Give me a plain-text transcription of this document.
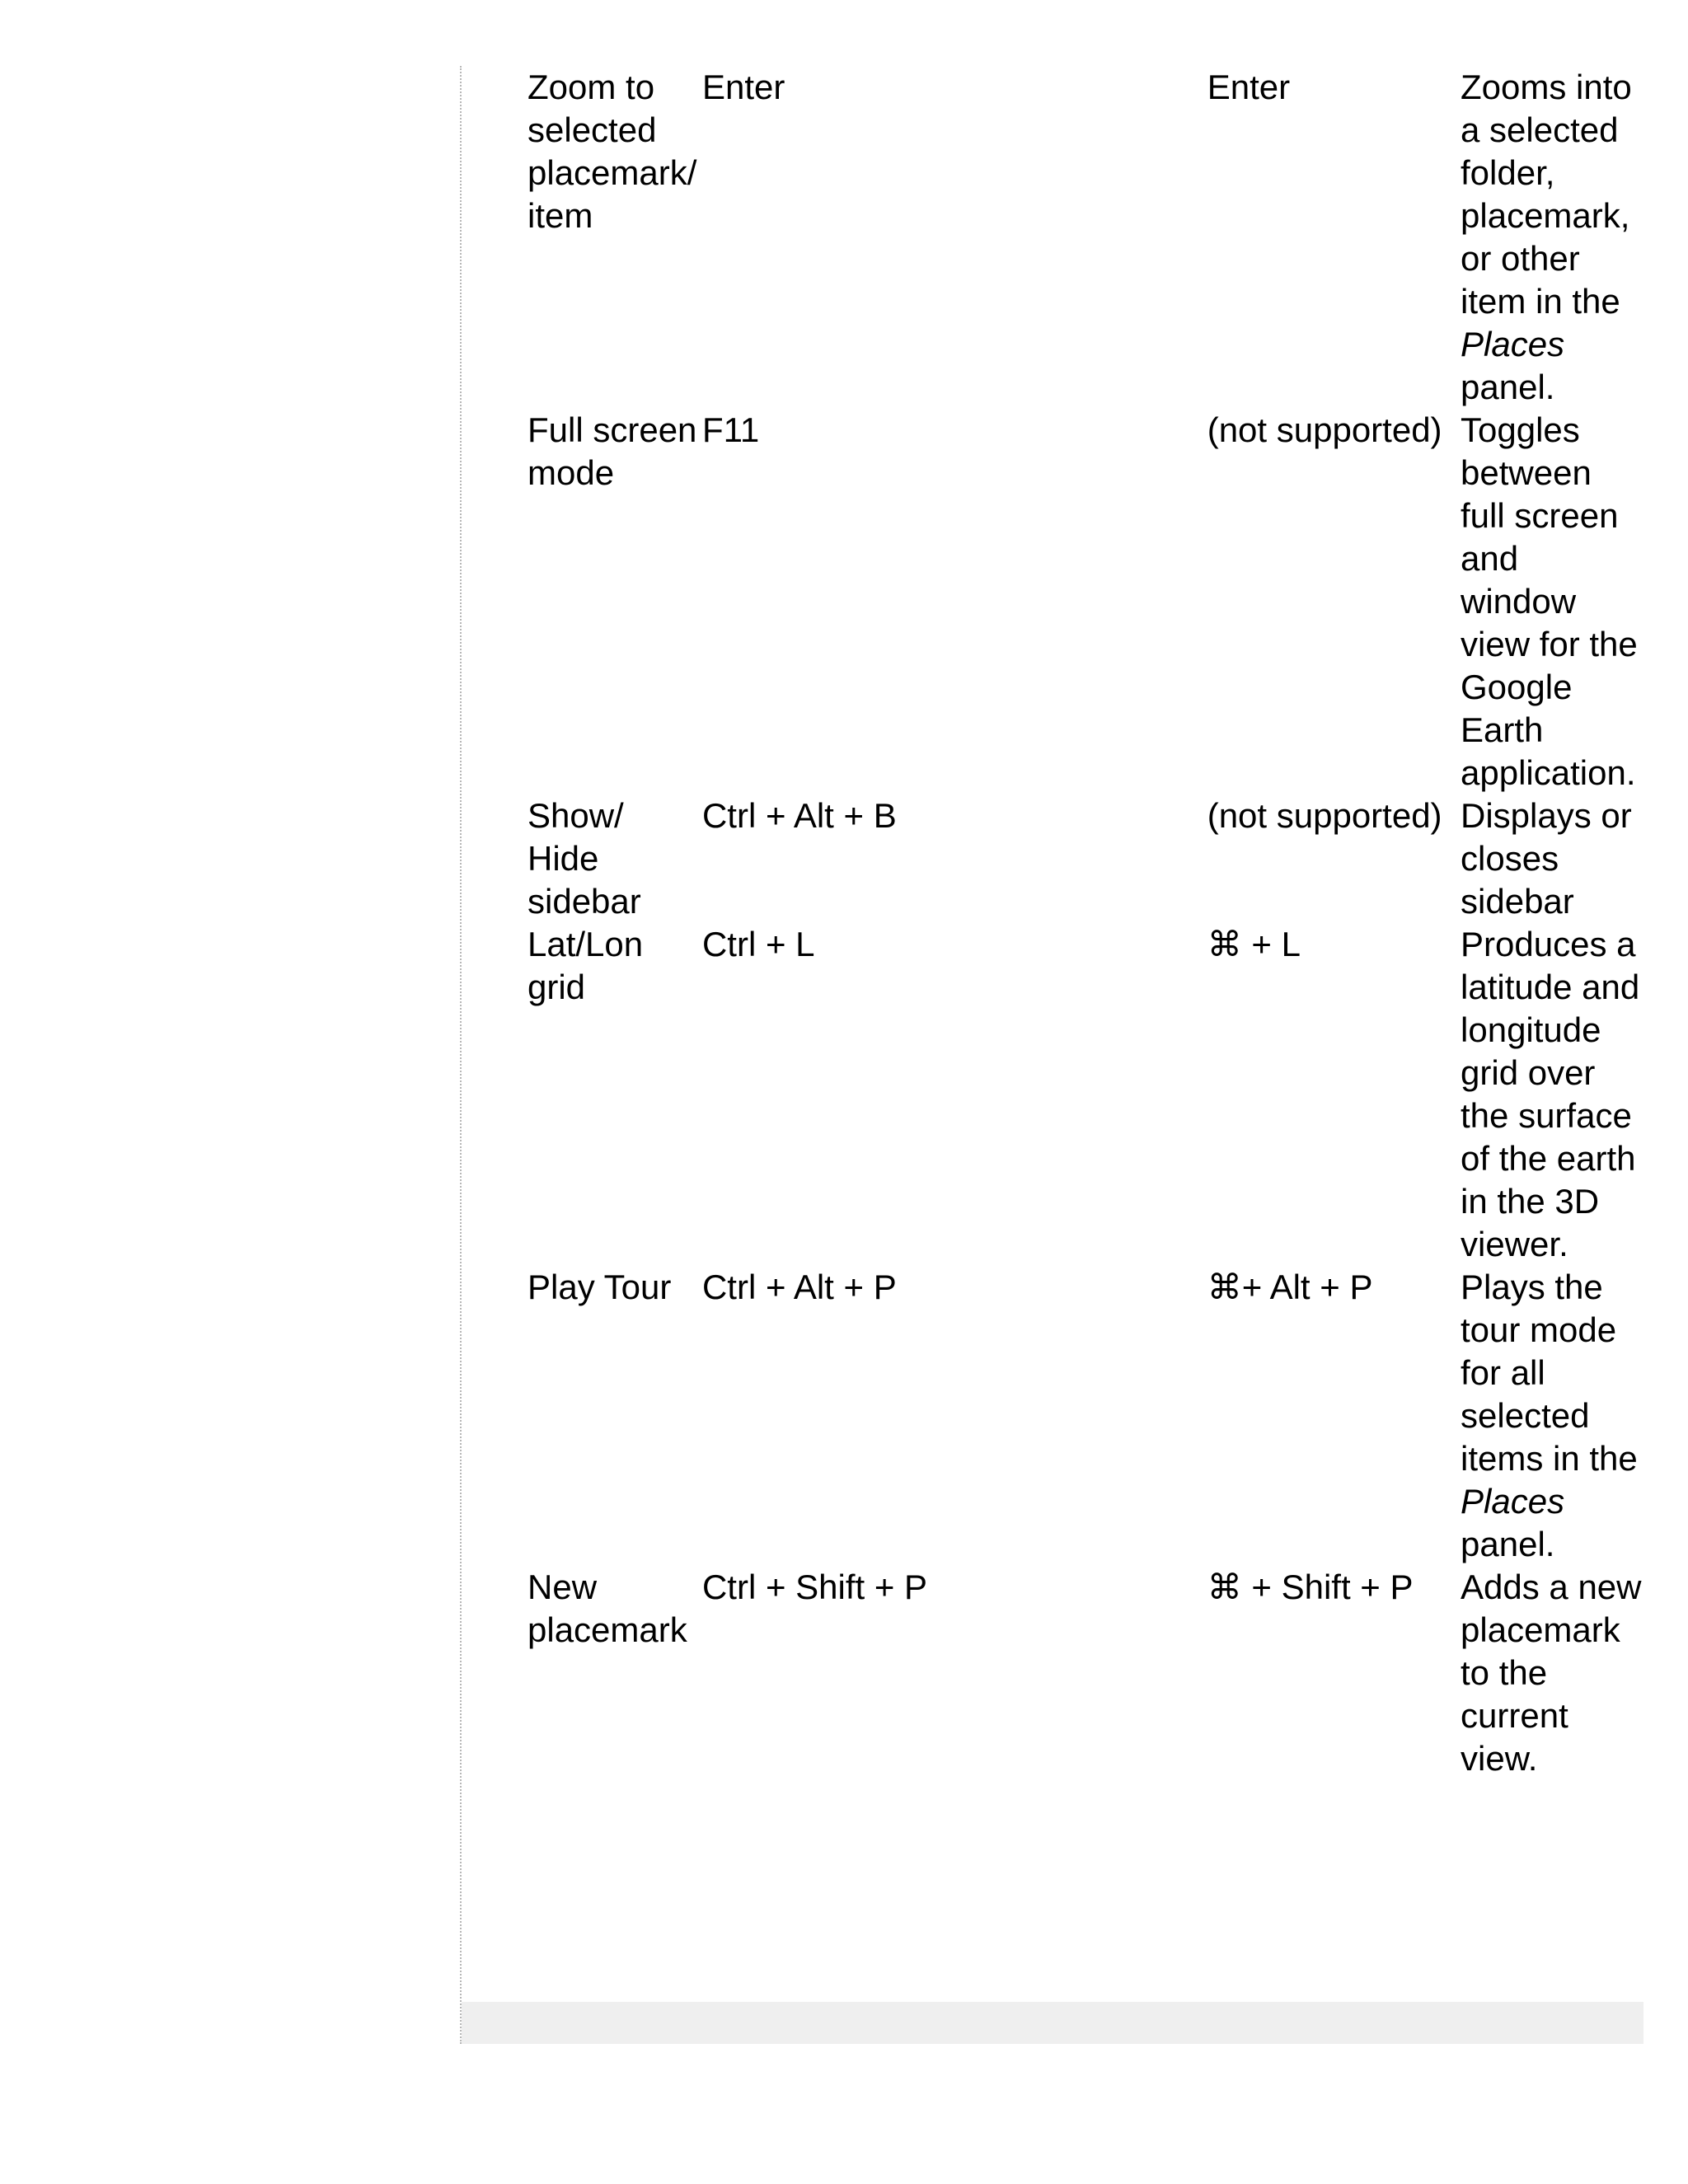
Zoom to selected placemark/ item	Enter	Enter	Zooms into a selected folder, placemark, or other item in the Places panel.
Full screen mode	F11	(not supported)	Toggles between full screen and window view for the Google Earth application.
Show/ Hide sidebar	Ctrl + Alt + B	(not supported)	Displays or closes sidebar
Lat/Lon grid	Ctrl + L	⌘ + L	Produces a latitude and longitude grid over the surface of the earth in the 3D viewer.
Play Tour	Ctrl + Alt + P	⌘+ Alt + P	Plays the tour mode for all selected items in the Places panel.
New placemark	Ctrl + Shift + P	⌘ + Shift + P	Adds a new placemark to the current view.
